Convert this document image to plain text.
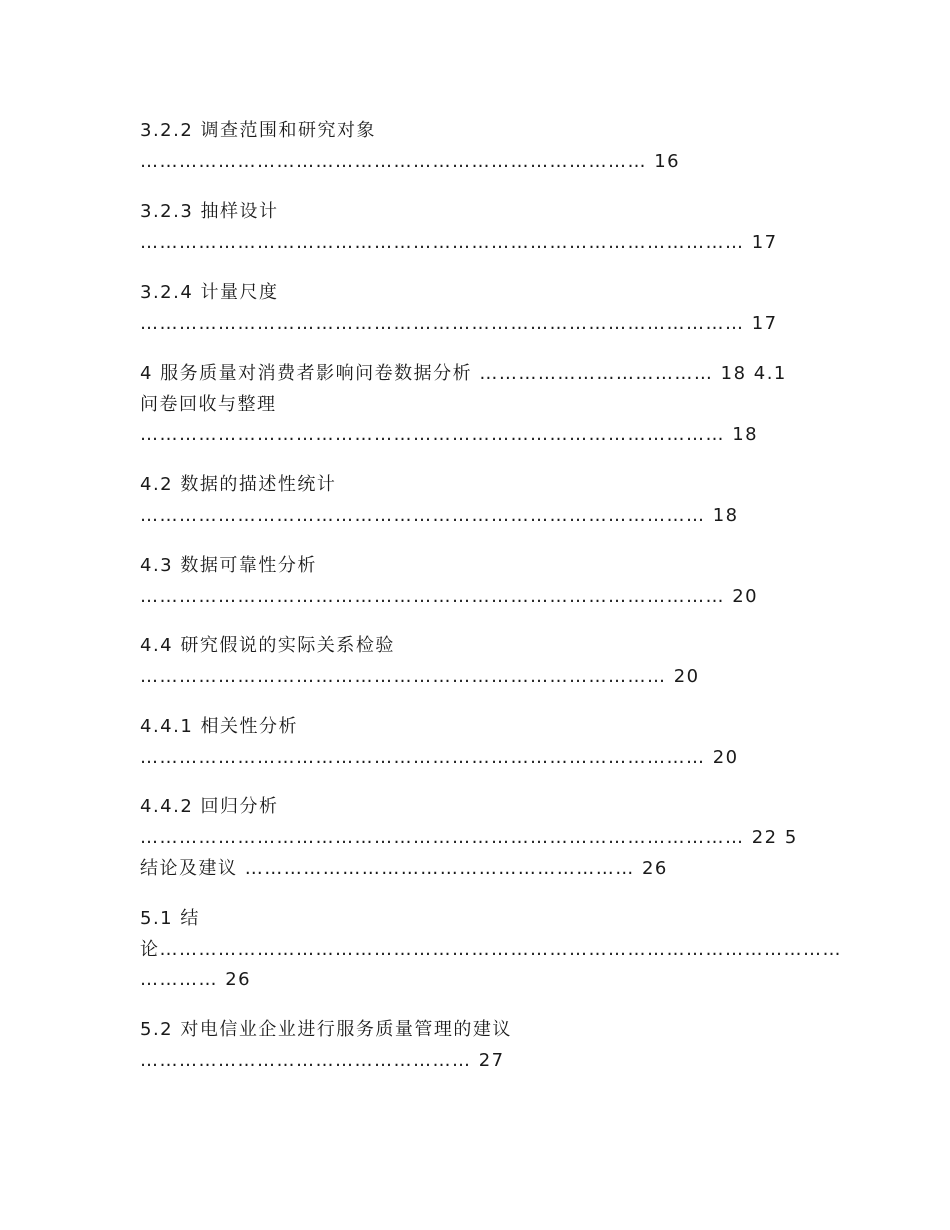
3.2.2 调查范围和研究对象
…………………………………………………………………… 16
3.2.3 抽样设计
………………………………………………………………………………… 17
3.2.4 计量尺度
………………………………………………………………………………… 17
4 服务质量对消费者影响问卷数据分析 ……………………………… 18 4.1
问卷回收与整理
……………………………………………………………………………… 18
4.2 数据的描述性统计
…………………………………………………………………………… 18
4.3 数据可靠性分析
……………………………………………………………………………… 20
4.4 研究假说的实际关系检验
……………………………………………………………………… 20
4.4.1 相关性分析
…………………………………………………………………………… 20
4.4.2 回归分析
………………………………………………………………………………… 22 5
结论及建议 …………………………………………………… 26
5.1 结
论……………………………………………………………………………………………
………… 26
5.2 对电信业企业进行服务质量管理的建议
…………………………………………… 27
